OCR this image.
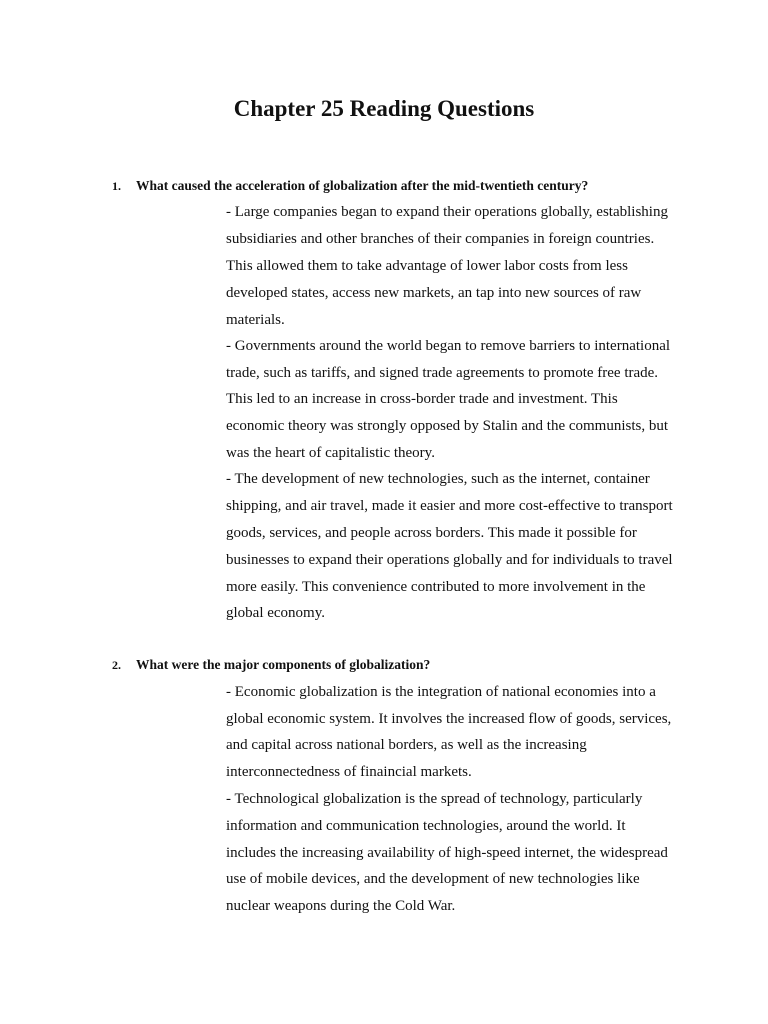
Chapter 25 Reading Questions
1. What caused the acceleration of globalization after the mid-twentieth century?
- Large companies began to expand their operations globally, establishing
subsidiaries and other branches of their companies in foreign countries.
This allowed them to take advantage of lower labor costs from less
developed states, access new markets, an tap into new sources of raw
materials.
- Governments around the world began to remove barriers to international
trade, such as tariffs, and signed trade agreements to promote free trade.
This led to an increase in cross-border trade and investment. This
economic theory was strongly opposed by Stalin and the communists, but
was the heart of capitalistic theory.
- The development of new technologies, such as the internet, container
shipping, and air travel, made it easier and more cost-effective to transport
goods, services, and people across borders. This made it possible for
businesses to expand their operations globally and for individuals to travel
more easily. This convenience contributed to more involvement in the
global economy.
2. What were the major components of globalization?
- Economic globalization is the integration of national economies into a
global economic system. It involves the increased flow of goods, services,
and capital across national borders, as well as the increasing
interconnectedness of finaincial markets.
- Technological globalization is the spread of technology, particularly
information and communication technologies, around the world. It
includes the increasing availability of high-speed internet, the widespread
use of mobile devices, and the development of new technologies like
nuclear weapons during the Cold War.
